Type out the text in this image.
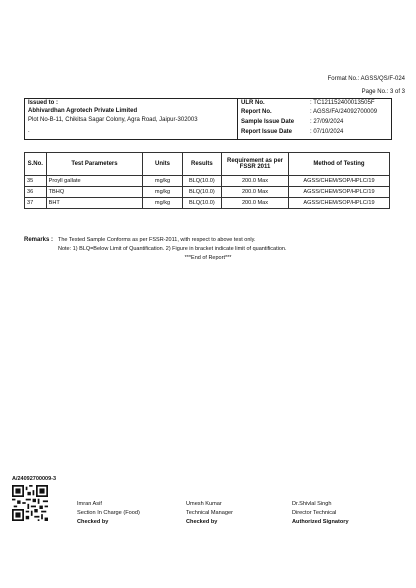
Format No.: AGSS/QS/F-024
Page No.: 3 of 3
Issued to :
Abhivardhan Agrotech Private Limited
Plot No-B-11, Chikitsa Sagar Colony, Agra Road, Jaipur-302003
.
ULR No.	: TC121152400013505F
Report No.	: AGSS/FA/24092700009
Sample Issue Date	: 27/09/2024
Report Issue Date	: 07/10/2024
S.No.	Test Parameters	Units	Results	Requirement as per FSSR 2011	Method of Testing
35	Proyll gallate	mg/kg	BLQ(10.0)	200.0 Max	AGSS/CHEM/SOP/HPLC/19
36	TBHQ	mg/kg	BLQ(10.0)	200.0 Max	AGSS/CHEM/SOP/HPLC/19
37	BHT	mg/kg	BLQ(10.0)	200.0 Max	AGSS/CHEM/SOP/HPLC/19
Remarks : The Tested Sample Conforms as per FSSR-2011, with respect to above test only.
Note: 1) BLQ=Below Limit of Quantification. 2) Figure in bracket indicate limit of quantification.
***End of Report***
A/24092700009-3
Imran Asif
Section In Charge (Food)
Checked by
Umesh Kumar
Technical Manager
Checked by
Dr.Shivlal Singh
Director Technical
Authorized Signatory
